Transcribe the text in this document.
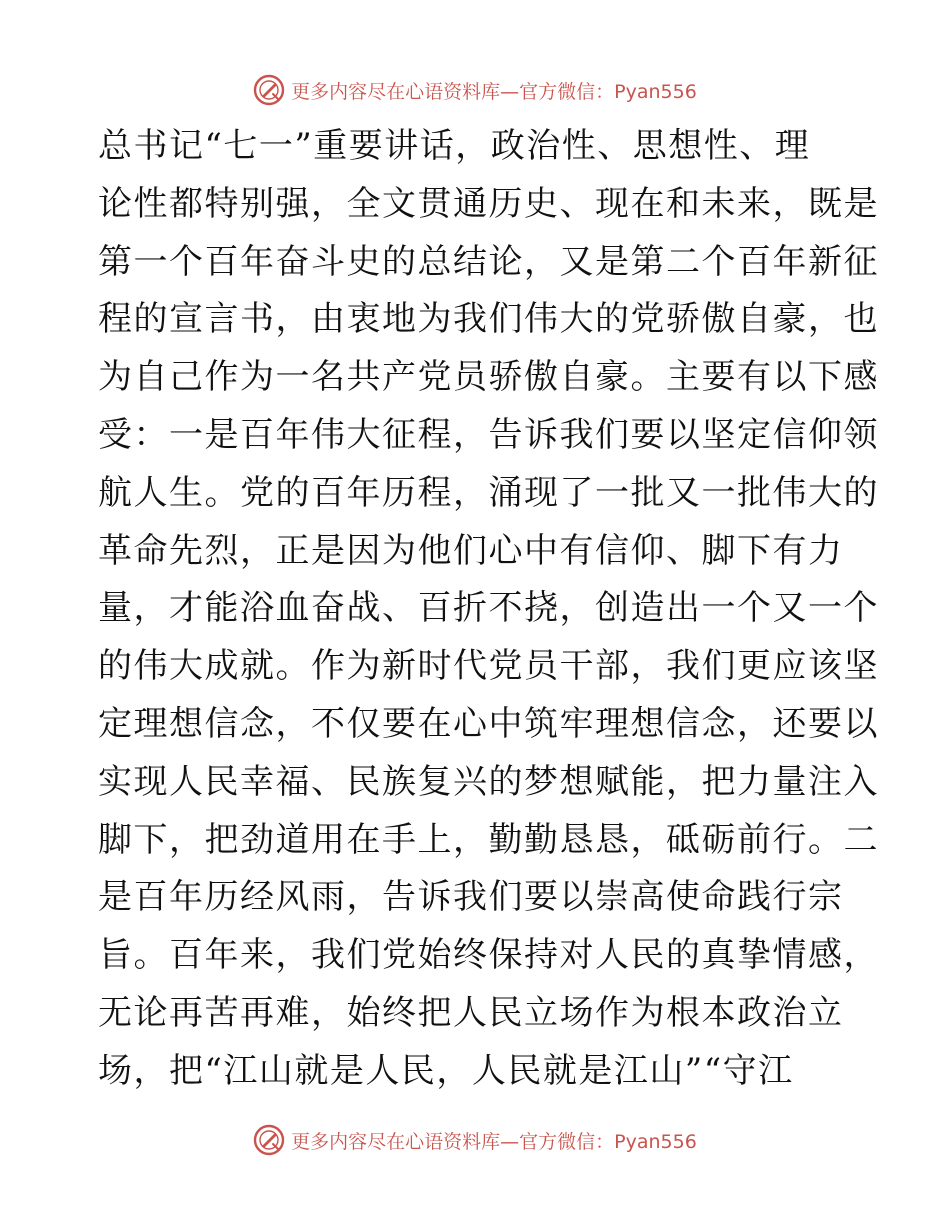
更多内容尽在心语资料库—官方微信：Pyan556
总书记“七一”重要讲话，政治性、思想性、理
论性都特别强，全文贯通历史、现在和未来，既是
第一个百年奋斗史的总结论，又是第二个百年新征
程的宣言书，由衷地为我们伟大的党骄傲自豪，也
为自己作为一名共产党员骄傲自豪。主要有以下感
受：一是百年伟大征程，告诉我们要以坚定信仰领
航人生。党的百年历程，涌现了一批又一批伟大的
革命先烈，正是因为他们心中有信仰、脚下有力
量，才能浴血奋战、百折不挠，创造出一个又一个
的伟大成就。作为新时代党员干部，我们更应该坚
定理想信念，不仅要在心中筑牢理想信念，还要以
实现人民幸福、民族复兴的梦想赋能，把力量注入
脚下，把劲道用在手上，勤勤恳恳，砥砺前行。二
是百年历经风雨，告诉我们要以崇高使命践行宗
旨。百年来，我们党始终保持对人民的真挚情感，
无论再苦再难，始终把人民立场作为根本政治立
场，把“江山就是人民，人民就是江山”“守江
更多内容尽在心语资料库—官方微信：Pyan556
